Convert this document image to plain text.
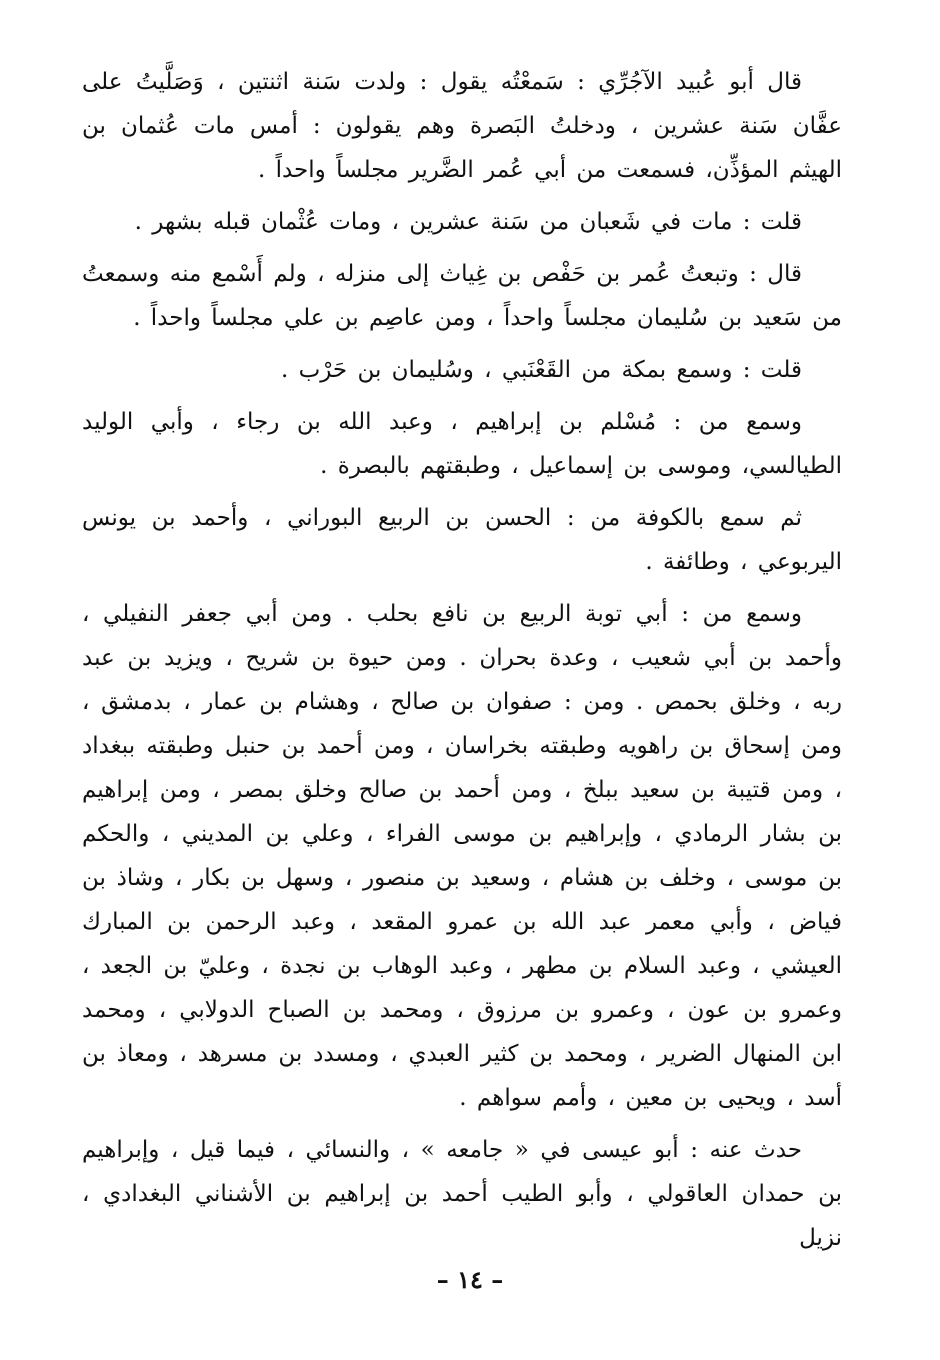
قال أبو عُبيد الآجُرِّي : سَمعْتُه يقول : ولدت سَنة اثنتين ، وَصَلَّيتُ على عفَّان سَنة عشرين ، ودخلتُ البَصرة وهم يقولون : أمس مات عُثمان بن الهيثم المؤذِّن، فسمعت من أبي عُمر الضَّرير مجلساً واحداً .

قلت : مات في شَعبان من سَنة عشرين ، ومات عُثْمان قبله بشهر .

قال : وتبعتُ عُمر بن حَفْص بن غِياث إلى منزله ، ولم أَسْمع منه وسمعتُ من سَعيد بن سُليمان مجلساً واحداً ، ومن عاصِم بن علي مجلساً واحداً .

قلت : وسمع بمكة من القَعْنَبي ، وسُليمان بن حَرْب .

وسمع من : مُسْلم بن إبراهيم ، وعبد الله بن رجاء ، وأبي الوليد الطيالسي، وموسى بن إسماعيل ، وطبقتهم بالبصرة .

ثم سمع بالكوفة من : الحسن بن الربيع البوراني ، وأحمد بن يونس اليربوعي ، وطائفة .

وسمع من : أبي توبة الربيع بن نافع بحلب . ومن أبي جعفر النفيلي ، وأحمد بن أبي شعيب ، وعدة بحران . ومن حيوة بن شريح ، ويزيد بن عبد ربه ، وخلق بحمص . ومن : صفوان بن صالح ، وهشام بن عمار ، بدمشق ، ومن إسحاق بن راهويه وطبقته بخراسان ، ومن أحمد بن حنبل وطبقته ببغداد ، ومن قتيبة بن سعيد ببلخ ، ومن أحمد بن صالح وخلق بمصر ، ومن إبراهيم بن بشار الرمادي ، وإبراهيم بن موسى الفراء ، وعلي بن المديني ، والحكم بن موسى ، وخلف بن هشام ، وسعيد بن منصور ، وسهل بن بكار ، وشاذ بن فياض ، وأبي معمر عبد الله بن عمرو المقعد ، وعبد الرحمن بن المبارك العيشي ، وعبد السلام بن مطهر ، وعبد الوهاب بن نجدة ، وعليّ بن الجعد ، وعمرو بن عون ، وعمرو بن مرزوق ، ومحمد بن الصباح الدولابي ، ومحمد ابن المنهال الضرير ، ومحمد بن كثير العبدي ، ومسدد بن مسرهد ، ومعاذ بن أسد ، ويحيى بن معين ، وأمم سواهم .

حدث عنه : أبو عيسى في « جامعه » ، والنسائي ، فيما قيل ، وإبراهيم بن حمدان العاقولي ، وأبو الطيب أحمد بن إبراهيم بن الأشناني البغدادي ، نزيل

– ١٤ –
